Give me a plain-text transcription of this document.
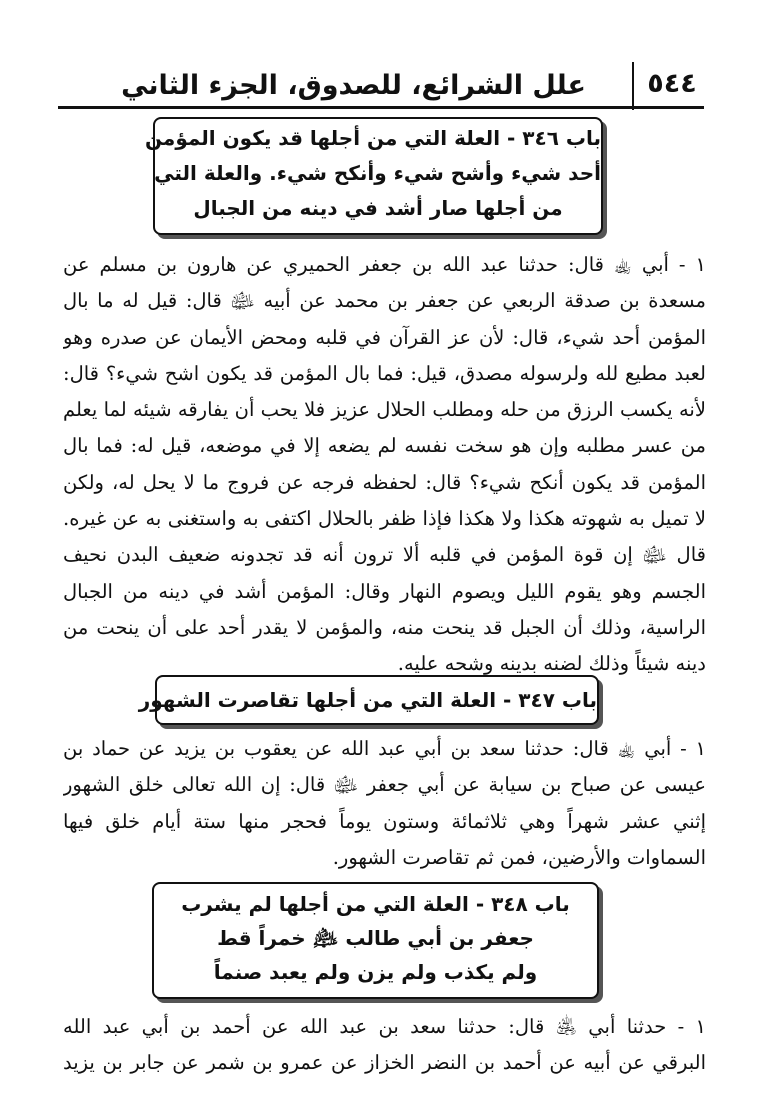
علل الشرائع، للصدوق، الجزء الثاني ٥٤٤
باب ٣٤٦ - العلة التي من أجلها قد يكون المؤمن
أحد شيء وأشح شيء وأنكح شيء. والعلة التي
من أجلها صار أشد في دينه من الجبال
١ - أبي ﵀ قال: حدثنا عبد الله بن جعفر الحميري عن هارون بن مسلم عن
مسعدة بن صدقة الربعي عن جعفر بن محمد عن أبيه ﵉ قال: قيل له ما بال
المؤمن أحد شيء، قال: لأن عز القرآن في قلبه ومحض الأيمان عن صدره وهو
لعبد مطيع لله ولرسوله مصدق، قيل: فما بال المؤمن قد يكون اشح شيء؟ قال:
لأنه يكسب الرزق من حله ومطلب الحلال عزيز فلا يحب أن يفارقه شيئه لما يعلم
من عسر مطلبه وإن هو سخت نفسه لم يضعه إلا في موضعه، قيل له: فما بال
المؤمن قد يكون أنكح شيء؟ قال: لحفظه فرجه عن فروج ما لا يحل له، ولكن
لا تميل به شهوته هكذا ولا هكذا فإذا ظفر بالحلال اكتفى به واستغنى به عن غيره.
قال ﵉ إن قوة المؤمن في قلبه ألا ترون أنه قد تجدونه ضعيف البدن نحيف
الجسم وهو يقوم الليل ويصوم النهار وقال: المؤمن أشد في دينه من الجبال
الراسية، وذلك أن الجبل قد ينحت منه، والمؤمن لا يقدر أحد على أن ينحت من
دينه شيئاً وذلك لضنه بدينه وشحه عليه.
باب ٣٤٧ - العلة التي من أجلها تقاصرت الشهور
١ - أبي ﵀ قال: حدثنا سعد بن أبي عبد الله عن يعقوب بن يزيد عن حماد بن
عيسى عن صباح بن سيابة عن أبي جعفر ﵉ قال: إن الله تعالى خلق الشهور
إثني عشر شهراً وهي ثلاثمائة وستون يوماً فحجر منها ستة أيام خلق فيها
السماوات والأرضين، فمن ثم تقاصرت الشهور.
باب ٣٤٨ - العلة التي من أجلها لم يشرب
جعفر بن أبي طالب ﵇ خمراً قط
ولم يكذب ولم يزن ولم يعبد صنماً
١ - حدثنا أبي ﵁ قال: حدثنا سعد بن عبد الله عن أحمد بن أبي عبد الله
البرقي عن أبيه عن أحمد بن النضر الخزاز عن عمرو بن شمر عن جابر بن يزيد
